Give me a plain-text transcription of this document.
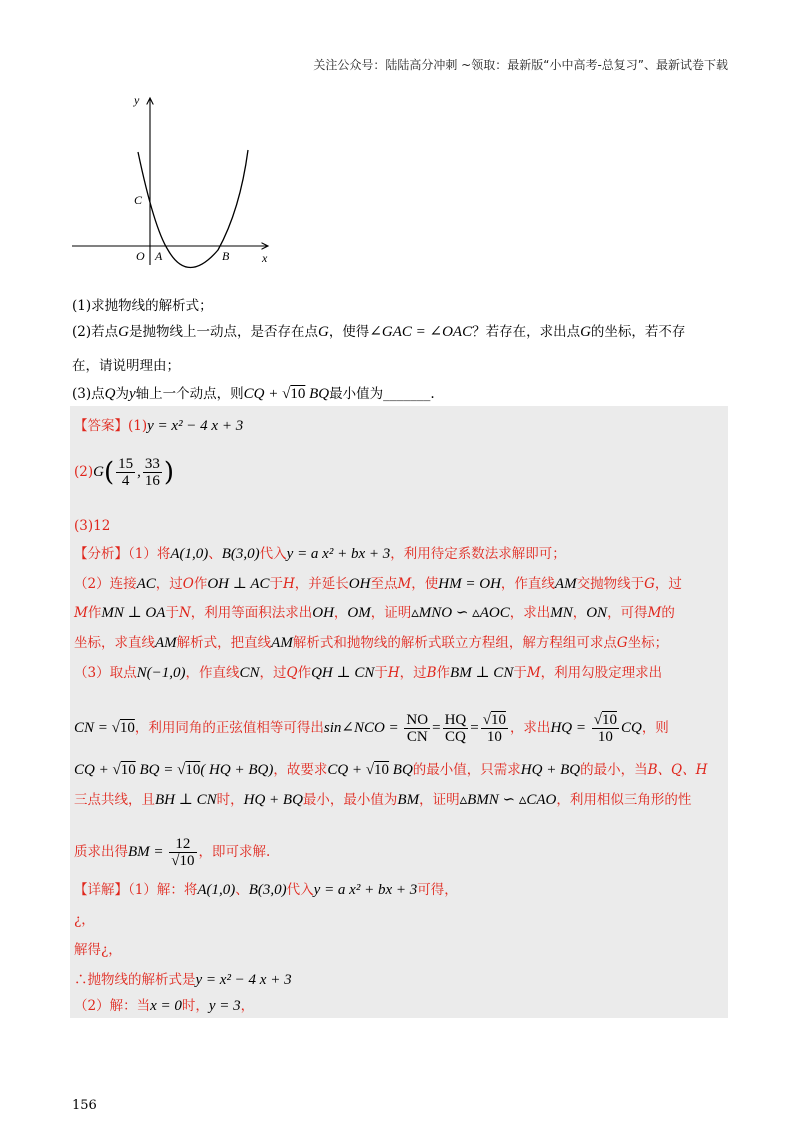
关注公众号：陆陆高分冲刺 ~领取：最新版“小中高考-总复习”、最新试卷下载
y
x
O A	B
C
(1)求抛物线的解析式；
(2)若点G是抛物线上一动点，是否存在点G，使得∠GAC = ∠OAC？若存在，求出点G的坐标，若不存
在，请说明理由；
(3)点Q为y轴上一个动点，则CQ + √10 BQ最小值为_______.
【答案】(1)y = x² − 4 x + 3
$(2)G( \frac{15}{4}$ , $\frac{33}{16}$ )
(3)12
【分析】（1）将A(1,0)、B(3,0)代入y = a x² + bx + 3，利用待定系数法求解即可；
（2）连接AC，过O作OH ⊥ AC于H，并延长OH至点M，使HM = OH，作直线AM交抛物线于G，过
M作MN ⊥ OA于N，利用等面积法求出OH，OM，证明▵MNO ∽ ▵AOC，求出MN，ON，可得M的
坐标，求直线AM解析式，把直线AM解析式和抛物线的解析式联立方程组，解方程组可求点G坐标；
（3）取点N(−1,0)，作直线CN，过Q作QH ⊥ CN于H，过B作BM ⊥ CN于M，利用勾股定理求出
CN = √10，利用同角的正弦值相等可得出sin∠NCO = $\frac{NO}{CN} = \frac{HQ}{CQ} = \frac{√10}{10}$ ，求出HQ = $\frac{√10}{10}$ CQ，则
CQ + √10 BQ = √10( HQ + BQ)，故要求CQ + √10 BQ的最小值，只需求HQ + BQ的最小，当B、Q、H
三点共线，且BH ⊥ CN时，HQ + BQ最小，最小值为BM，证明▵BMN ∽ ▵CAO，利用相似三角形的性
质求出得BM = $\frac{12}{√10}$ ，即可求解.
【详解】（1）解：将A(1,0)、B(3,0)代入y = a x² + bx + 3可得，
¿，
解得¿，
∴抛物线的解析式是y = x² − 4 x + 3
（2）解：当x = 0时，y = 3，
156
